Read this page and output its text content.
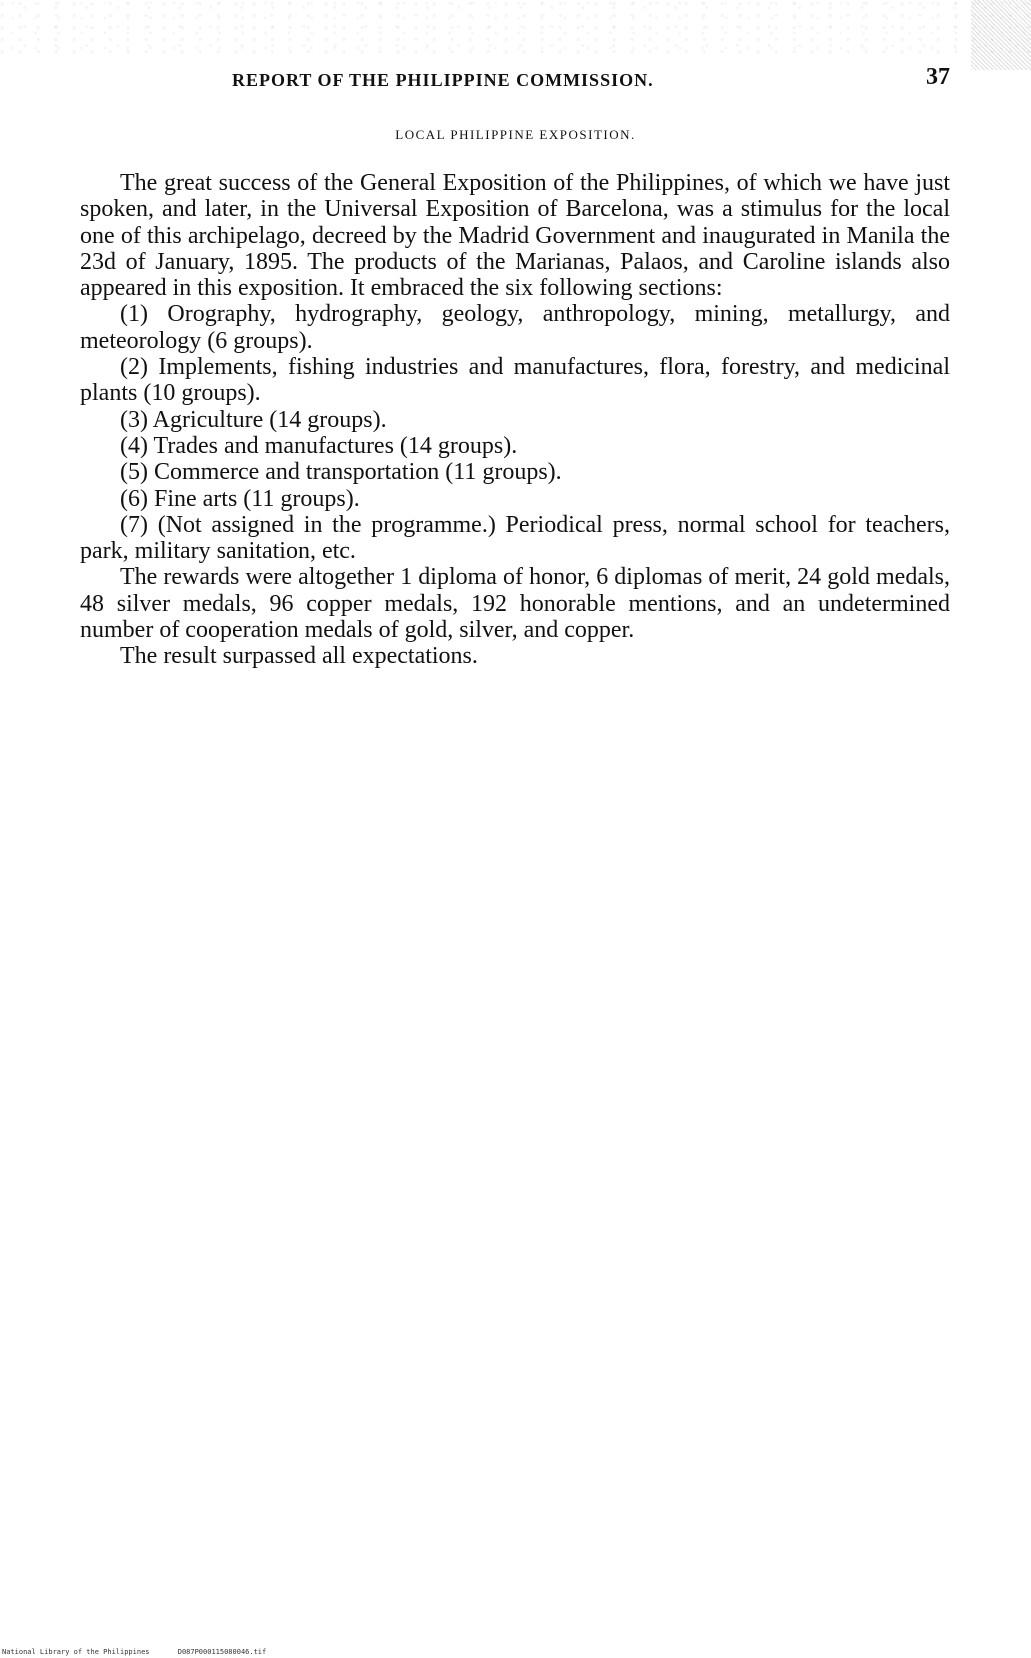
REPORT OF THE PHILIPPINE COMMISSION.	37
LOCAL PHILIPPINE EXPOSITION.

The great success of the General Exposition of the Philippines, of which we have just spoken, and later, in the Universal Exposition of Barcelona, was a stimulus for the local one of this archipelago, decreed by the Madrid Government and inaugurated in Manila the 23d of January, 1895. The products of the Marianas, Palaos, and Caroline islands also appeared in this exposition. It embraced the six following sections:

(1) Orography, hydrography, geology, anthropology, mining, metallurgy, and meteorology (6 groups).

(2) Implements, fishing industries and manufactures, flora, forestry, and medicinal plants (10 groups).

(3) Agriculture (14 groups).

(4) Trades and manufactures (14 groups).

(5) Commerce and transportation (11 groups).

(6) Fine arts (11 groups).

(7) (Not assigned in the programme.) Periodical press, normal school for teachers, park, military sanitation, etc.

The rewards were altogether 1 diploma of honor, 6 diplomas of merit, 24 gold medals, 48 silver medals, 96 copper medals, 192 honorable mentions, and an undetermined number of cooperation medals of gold, silver, and copper.

The result surpassed all expectations.

National Library of the Philippines	D087P000115080046.tif
